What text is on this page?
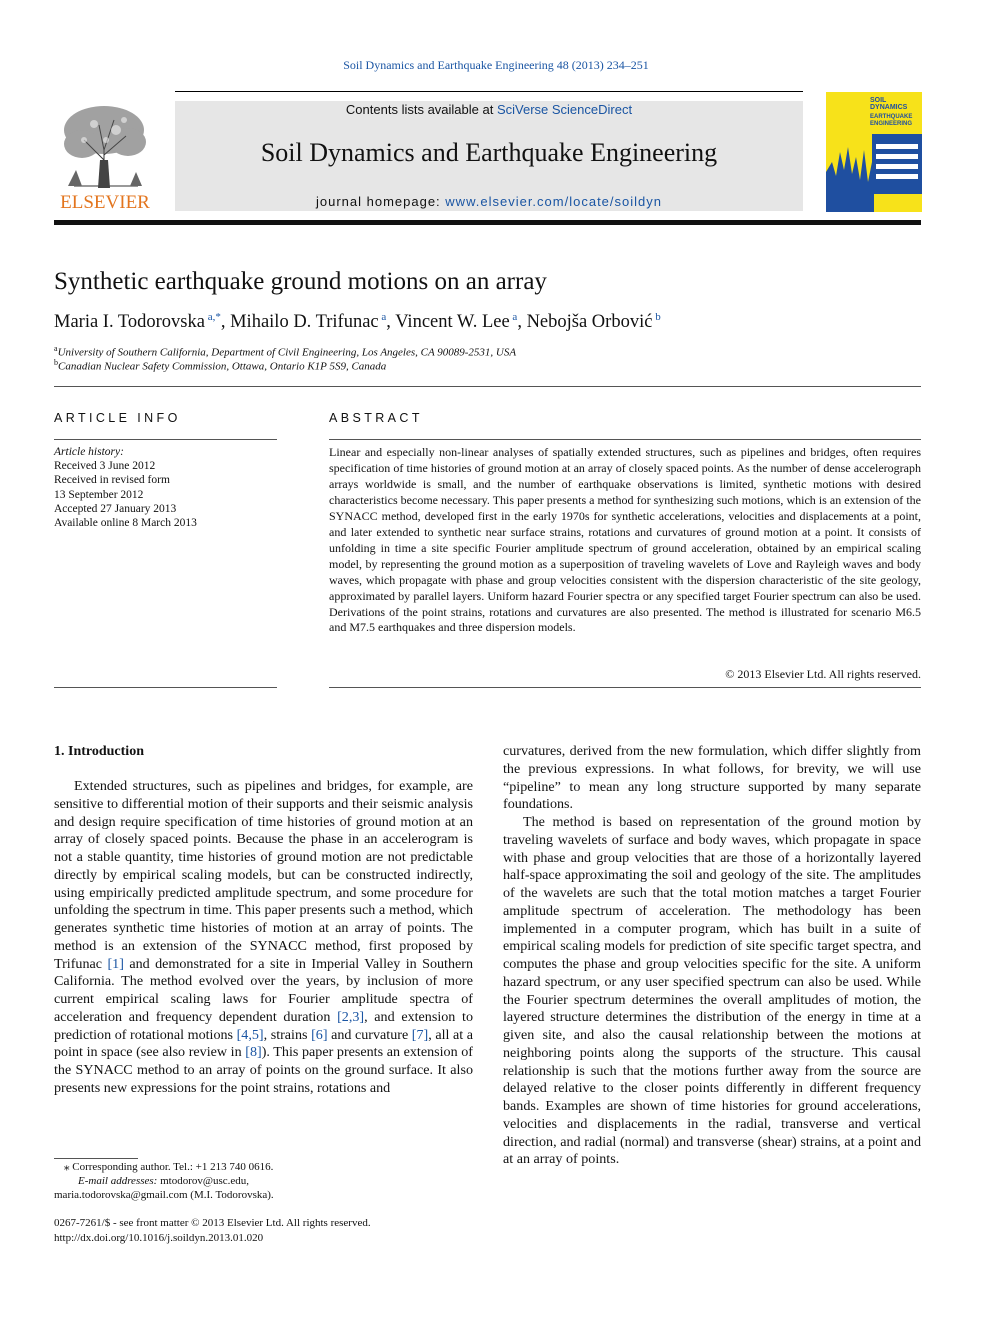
Soil Dynamics and Earthquake Engineering 48 (2013) 234–251
ELSEVIER
Contents lists available at SciVerse ScienceDirect
Soil Dynamics and Earthquake Engineering
journal homepage: www.elsevier.com/locate/soildyn
SOIL
DYNAMICS
EARTHQUAKE
ENGINEERING
Synthetic earthquake ground motions on an array
Maria I. Todorovska $^{a,*}$, Mihailo D. Trifunac $^a$, Vincent W. Lee $^a$, Nebojša Orbović $^b$
$^a$University of Southern California, Department of Civil Engineering, Los Angeles, CA 90089-2531, USA
$^b$Canadian Nuclear Safety Commission, Ottawa, Ontario K1P 5S9, Canada
ARTICLE INFO	ABSTRACT
Article history:
Received 3 June 2012
Received in revised form
13 September 2012
Accepted 27 January 2013
Available online 8 March 2013
Linear and especially non-linear analyses of spatially extended structures, such as pipelines and bridges, often requires specification of time histories of ground motion at an array of closely spaced points. As the number of dense accelerograph arrays worldwide is small, and the number of earthquake observations is limited, synthetic motions with desired characteristics become necessary. This paper presents a method for synthesizing such motions, which is an extension of the SYNACC method, developed first in the early 1970s for synthetic accelerations, velocities and displacements at a point, and later extended to synthetic near surface strains, rotations and curvatures of ground motion at a point. It consists of unfolding in time a site specific Fourier amplitude spectrum of ground acceleration, obtained by an empirical scaling model, by representing the ground motion as a superposition of traveling wavelets of Love and Rayleigh waves and body waves, which propagate with phase and group velocities consistent with the dispersion characteristic of the site geology, approximated by parallel layers. Uniform hazard Fourier spectra or any specified target Fourier spectrum can also be used. Derivations of the point strains, rotations and curvatures are also presented. The method is illustrated for scenario M6.5 and M7.5 earthquakes and three dispersion models.
© 2013 Elsevier Ltd. All rights reserved.
1. Introduction

Extended structures, such as pipelines and bridges, for example, are sensitive to differential motion of their supports and their seismic analysis and design require specification of time histories of ground motion at an array of closely spaced points. Because the phase in an accelerogram is not a stable quantity, time histories of ground motion are not predictable directly by empirical scaling models, but can be constructed indirectly, using empirically predicted amplitude spectrum, and some procedure for unfolding the spectrum in time. This paper presents such a method, which generates synthetic time histories of motion at an array of points. The method is an extension of the SYNACC method, first proposed by Trifunac [1] and demonstrated for a site in Imperial Valley in Southern California. The method evolved over the years, by inclusion of more current empirical scaling laws for Fourier amplitude spectra of acceleration and frequency dependent duration [2,3], and extension to prediction of rotational motions [4,5], strains [6] and curvature [7], all at a point in space (see also review in [8]). This paper presents an extension of the SYNACC method to an array of points on the ground surface. It also presents new expressions for the point strains, rotations and

curvatures, derived from the new formulation, which differ slightly from the previous expressions. In what follows, for brevity, we will use “pipeline” to mean any long structure supported by many separate foundations.

The method is based on representation of the ground motion by traveling wavelets of surface and body waves, which propagate in space with phase and group velocities that are those of a horizontally layered half-space approximating the soil and geology of the site. The amplitudes of the wavelets are such that the total motion matches a target Fourier amplitude spectrum of acceleration. The methodology has been implemented in a computer program, which has built in a suite of empirical scaling models for prediction of site specific target spectra, and computes the phase and group velocities specific for the site. A uniform hazard spectrum, or any user specified spectrum can also be used. While the Fourier spectrum determines the overall amplitudes of motion, the layered structure determines the distribution of the energy in time at a given site, and also the causal relationship between the motions at neighboring points along the supports of the structure. This causal relationship is such that the motions further away from the source are delayed relative to the closer points differently in different frequency bands. Examples are shown of time histories for ground accelerations, velocities and displacements in the radial, transverse and vertical direction, and radial (normal) and transverse (shear) strains, at a point and at an array of points.

⁎ Corresponding author. Tel.: +1 213 740 0616.
E-mail addresses: mtodorov@usc.edu,
maria.todorovska@gmail.com (M.I. Todorovska).
0267-7261/$ - see front matter © 2013 Elsevier Ltd. All rights reserved.
http://dx.doi.org/10.1016/j.soildyn.2013.01.020
